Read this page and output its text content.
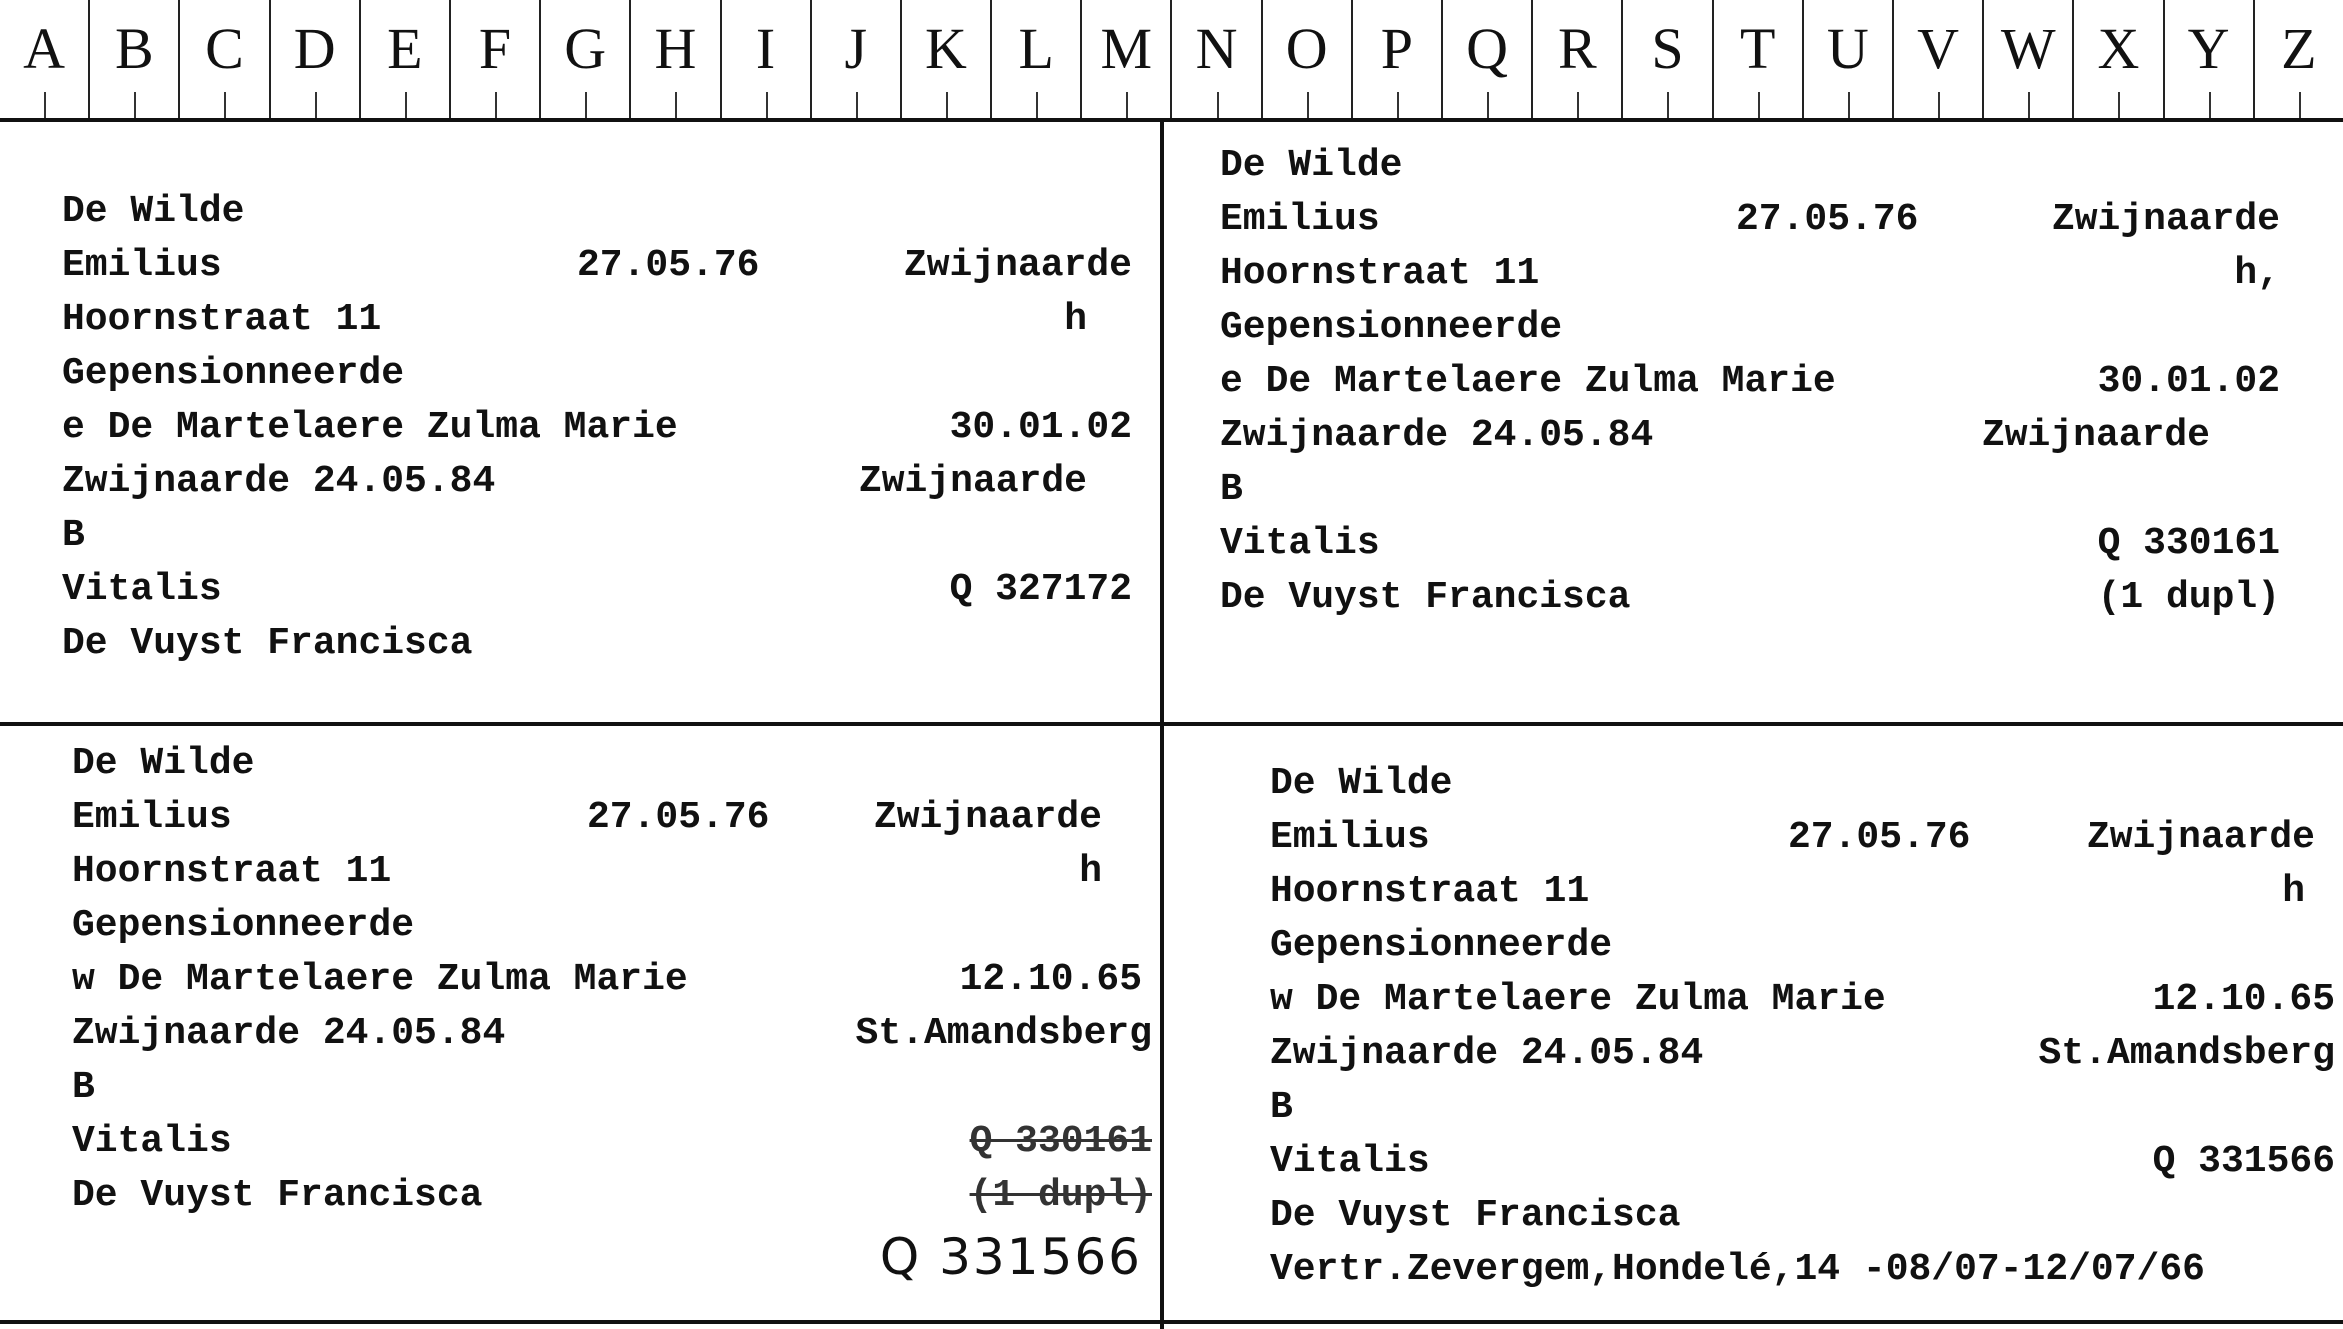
A B C D E F G H	I	J K L M N O P Q R S T U V W X Y Z
De Wilde
Emilius	27.05.76	Zwijnaarde
Hoornstraat 11	h
Gepensionneerde
e De Martelaere Zulma Marie	30.01.02
Zwijnaarde 24.05.84	Zwijnaarde
B
Vitalis	Q 327172
De Vuyst Francisca
De Wilde
Emilius	27.05.76	Zwijnaarde
Hoornstraat 11	h,
Gepensionneerde
e De Martelaere Zulma Marie	30.01.02
Zwijnaarde 24.05.84	Zwijnaarde
B
Vitalis	Q 330161
De Vuyst Francisca	(1 dupl)
De Wilde
Emilius	27.05.76	Zwijnaarde
Hoornstraat 11	h
Gepensionneerde
w De Martelaere Zulma Marie	12.10.65
Zwijnaarde 24.05.84	St.Amandsberg
B
Vitalis	Q 330161
De Vuyst Francisca	(1 dupl)
Q 331566
De Wilde
Emilius	27.05.76	Zwijnaarde
Hoornstraat 11	h
Gepensionneerde
w De Martelaere Zulma Marie	12.10.65
Zwijnaarde 24.05.84	St.Amandsberg
B
Vitalis	Q 331566
De Vuyst Francisca
Vertr.Zevergem,Hondelé,14 -08/07-12/07/66
